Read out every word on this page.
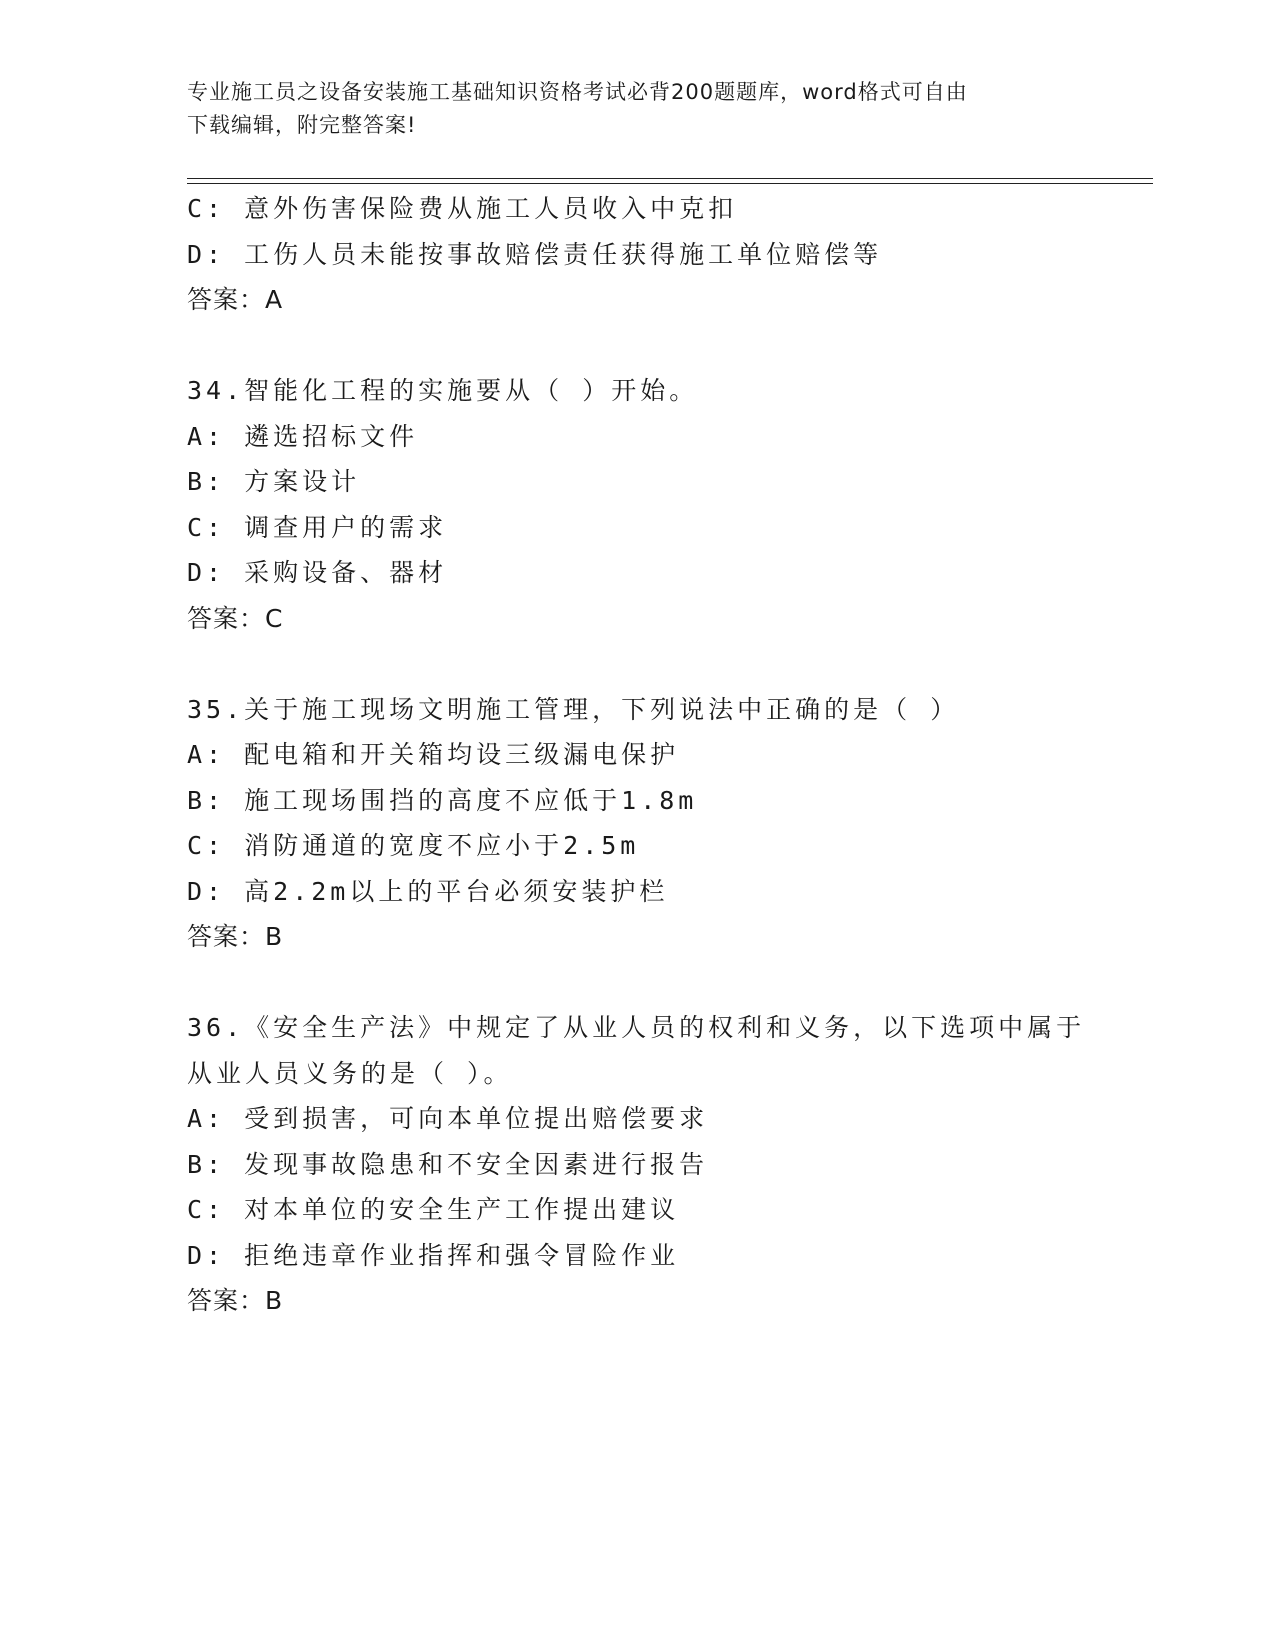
专业施工员之设备安装施工基础知识资格考试必背200题题库，word格式可自由
下载编辑，附完整答案!
C: 意外伤害保险费从施工人员收入中克扣
D: 工伤人员未能按事故赔偿责任获得施工单位赔偿等
答案：A
34.智能化工程的实施要从（ ）开始。
A: 遴选招标文件
B: 方案设计
C: 调查用户的需求
D: 采购设备、器材
答案：C
35.关于施工现场文明施工管理，下列说法中正确的是（ ）
A: 配电箱和开关箱均设三级漏电保护
B: 施工现场围挡的高度不应低于1.8m
C: 消防通道的宽度不应小于2.5m
D: 高2.2m以上的平台必须安装护栏
答案：B
36.《安全生产法》中规定了从业人员的权利和义务，以下选项中属于
从业人员义务的是（ ）。
A: 受到损害，可向本单位提出赔偿要求
B: 发现事故隐患和不安全因素进行报告
C: 对本单位的安全生产工作提出建议
D: 拒绝违章作业指挥和强令冒险作业
答案：B
